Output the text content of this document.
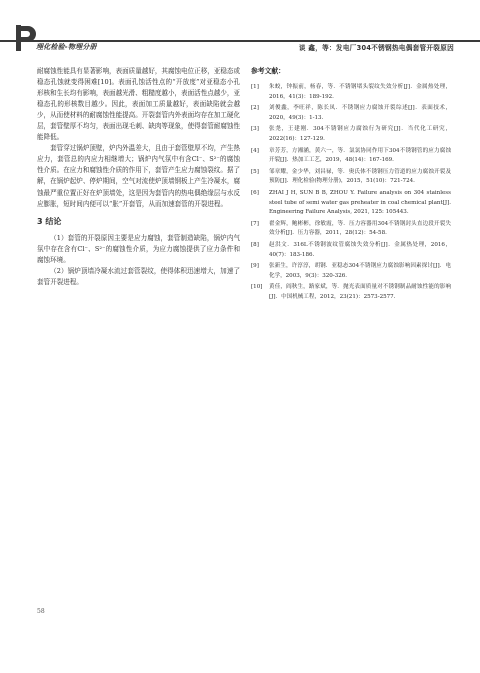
理化检验-物理分册	谈 鑫，等：发电厂304不锈钢热电偶套管开裂原因

耐腐蚀性能具有显著影响，表面质量越好，其腐蚀电位正移，亚稳态或稳态孔蚀就变得困难[10]。表面孔蚀活性点的“开放度”对亚稳态小孔形核和生长均有影响，表面越光滑、粗糙度越小，表面活性点越少，亚稳态孔的形核数目越少。因此，表面加工质量越好，表面缺陷就会越少，从而使材料的耐腐蚀性能提高。开裂套管内外表面均存在加工硬化层，套管壁厚不均匀，表面出现毛刺、缺肉等现象，使得套管耐腐蚀性能降低。

套管穿过锅炉顶壁，炉内外温差大，且由于套管壁厚不均，产生热应力，套管总的内应力相继增大；锅炉内气氛中有含Cl⁻、S²⁻的腐蚀性介质。在应力和腐蚀性介质的作用下，套管产生应力腐蚀裂纹。据了解，在锅炉起炉、停炉期间，空气对流使炉顶墙钢板上产生冷凝水，腐蚀最严重位置正好在炉顶墙处，这是因为套管内的热电偶绝缘层与水反应膨胀，短时间内便可以“胀”开套管，从而加速套管的开裂进程。

3 结论

（1）套管的开裂原因主要是应力腐蚀，套管制造缺陷，锅炉内气氛中存在含有Cl⁻、S²⁻的腐蚀性介质，为应力腐蚀提供了应力条件和腐蚀环境。

（2）锅炉顶墙冷凝水流过套管裂纹，使得体积迅速增大，加速了套管开裂进程。

参考文献：
[1]	朱蛟，钟振前，杨春，等．不锈钢堵头裂纹失效分析[J]．金属热处理，2016，41(3)：189-192.
[2]	刘俊鑫，李旺祥，陈长凤．不锈钢应力腐蚀开裂综述[J]．表面技术，2020，49(3)：1-13.
[3]	张尧，王建刚．304不锈钢应力腐蚀行为研究[J]．当代化工研究，2022(16)：127-129.
[4]	章芳芳，方湘涵，黄六一，等．氯氯协同作用下304不锈钢管的应力腐蚀开裂[J]．热加工工艺，2019，48(14)：167-169.
[5]	邹章耀，金少华，刘昌禄，等．奥氏体不锈钢压力管道的应力腐蚀开裂及预防[J]．理化检验(物理分册)，2015，51(10)：721-724.
[6]	ZHAI J H, SUN B B, ZHOU Y. Failure analysis on 304 stainless steel tube of semi water gas preheater in coal chemical plant[J]. Engineering Failure Analysis, 2021, 125: 105443.
[7]	翟金辉，鲍彬彬，徐敏霞，等．压力容器用304不锈钢封头直边段开裂失效分析[J]．压力容器，2011，28(12)：54-58.
[8]	赵洪文．316L不锈钢波纹管腐蚀失效分析[J]．金属热处理，2016，40(7)：183-186.
[9]	张新生，许淳淳，胡钢．亚稳态304不锈钢应力腐蚀影响因素探讨[J]．电化学，2003，9(3)：320-326.
[10]	黄佳，阎秋生，路家斌，等．抛光表面质量对不锈钢制品耐蚀性能的影响[J]．中国机械工程，2012，23(21)：2573-2577.
58
